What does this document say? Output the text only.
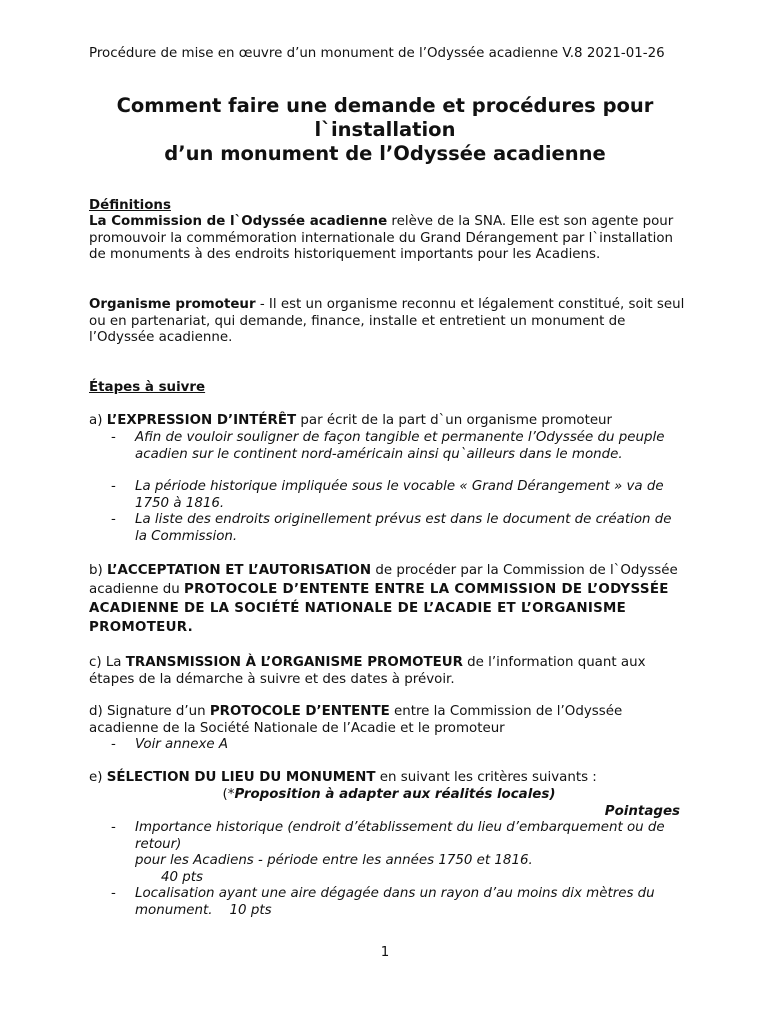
Procédure de mise en œuvre d’un monument de l’Odyssée acadienne V.8 2021-01-26
Comment faire une demande et procédures pour
l`installation
d’un monument de l’Odyssée acadienne
Définitions
La Commission de l`Odyssée acadienne relève de la SNA. Elle est son agente pour promouvoir la commémoration internationale du Grand Dérangement par l`installation de monuments à des endroits historiquement importants pour les Acadiens.
Organisme promoteur - Il est un organisme reconnu et légalement constitué, soit seul ou en partenariat, qui demande, finance, installe et entretient un monument de l’Odyssée acadienne.
Étapes à suivre
a) L’EXPRESSION D’INTÉRÊT par écrit de la part d`un organisme promoteur
- Afin de vouloir souligner de façon tangible et permanente l’Odyssée du peuple acadien sur le continent nord-américain ainsi qu`ailleurs dans le monde.
- La période historique impliquée sous le vocable « Grand Dérangement » va de 1750 à 1816.
- La liste des endroits originellement prévus est dans le document de création de la Commission.
b) L’ACCEPTATION ET L’AUTORISATION de procéder par la Commission de l`Odyssée acadienne du PROTOCOLE D’ENTENTE ENTRE LA COMMISSION DE L’ODYSSÉE ACADIENNE DE LA SOCIÉTÉ NATIONALE DE L’ACADIE ET L’ORGANISME PROMOTEUR.
c) La TRANSMISSION À L’ORGANISME PROMOTEUR de l’information quant aux étapes de la démarche à suivre et des dates à prévoir.
d) Signature d’un PROTOCOLE D’ENTENTE entre la Commission de l’Odyssée acadienne de la Société Nationale de l’Acadie et le promoteur
- Voir annexe A
e) SÉLECTION DU LIEU DU MONUMENT en suivant les critères suivants :
(*Proposition à adapter aux réalités locales)
Pointages
- Importance historique (endroit d’établissement du lieu d’embarquement ou de retour)
pour les Acadiens - période entre les années 1750 et 1816.
40 pts
- Localisation ayant une aire dégagée dans un rayon d’au moins dix mètres du monument. 10 pts
1
